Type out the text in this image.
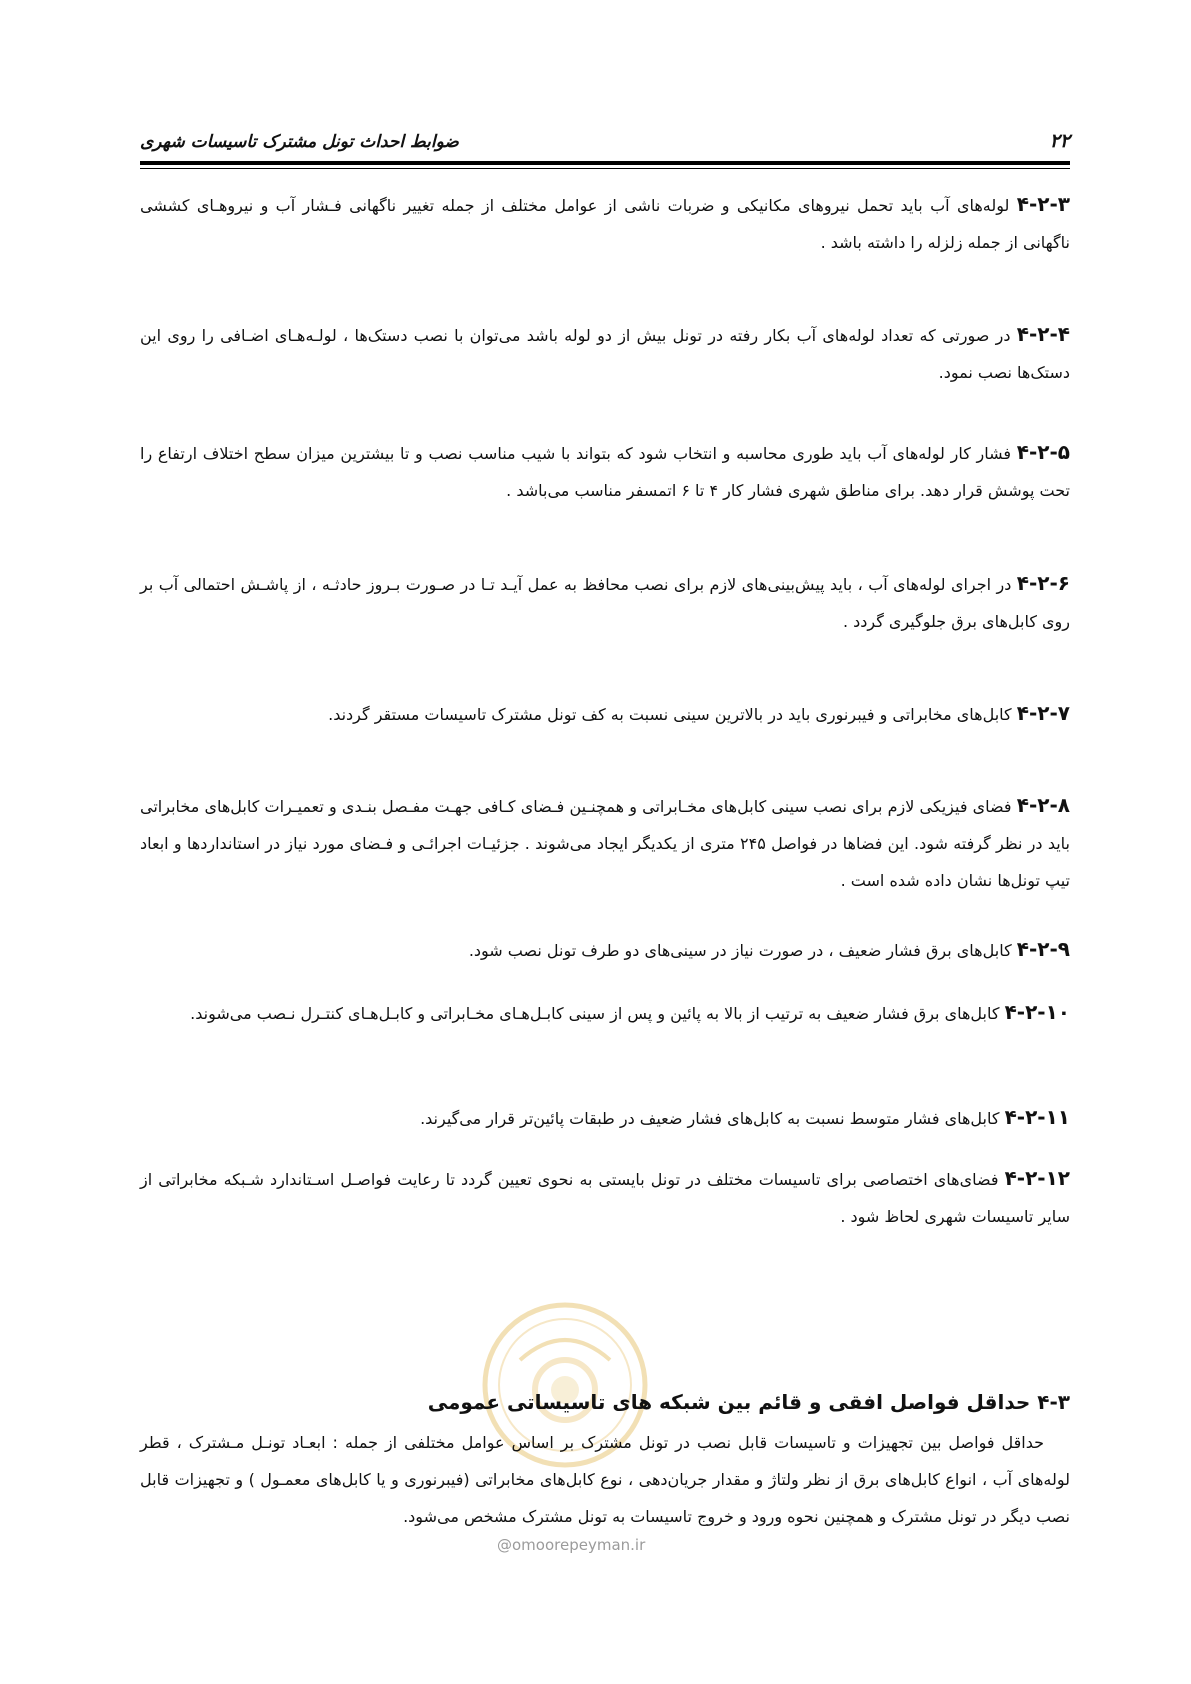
۲۲
ضوابط احداث تونل مشترک تاسیسات شهری
۴-۲-۳ لوله‌های آب باید تحمل نیروهای مکانیکی و ضربات ناشی از عوامل مختلف از جمله تغییر ناگهانی فـشار آب و نیروهـای کششی ناگهانی از جمله زلزله را داشته باشد .
۴-۲-۴ در صورتی که تعداد لوله‌های آب بکار رفته در تونل بیش از دو لوله باشد می‌توان با نصب دستک‌ها ، لولـه‌هـای اضـافی را روی این دستک‌ها نصب نمود.
۴-۲-۵ فشار کار لوله‌های آب باید طوری محاسبه و انتخاب شود که بتواند با شیب مناسب نصب و تا بیشترین میزان سطح اختلاف ارتفاع را تحت پوشش قرار دهد. برای مناطق شهری فشار کار ۴ تا ۶ اتمسفر مناسب می‌باشد .
۴-۲-۶ در اجرای لوله‌های آب ، باید پیش‌بینی‌های لازم برای نصب محافظ به عمل آیـد تـا در صـورت بـروز حادثـه ، از پاشـش احتمالی آب بر روی کابل‌های برق جلوگیری گردد .
۴-۲-۷ کابل‌های مخابراتی و فیبرنوری باید در بالاترین سینی نسبت به کف تونل مشترک تاسیسات مستقر گردند.
۴-۲-۸ فضای فیزیکی لازم برای نصب سینی کابل‌های مخـابراتی و همچنـین فـضای کـافی جهـت مفـصل بنـدی و تعمیـرات کابل‌های مخابراتی باید در نظر گرفته شود. این فضاها در فواصل ۲۴۵ متری از یکدیگر ایجاد می‌شوند . جزئیـات اجرائـی و فـضای مورد نیاز در استانداردها و ابعاد تیپ تونل‌ها نشان داده شده است .
۴-۲-۹ کابل‌های برق فشار ضعیف ، در صورت نیاز در سینی‌های دو طرف تونل نصب شود.
۴-۲-۱۰ کابل‌های برق فشار ضعیف به ترتیب از بالا به پائین و پس از سینی کابـل‌هـای مخـابراتی و کابـل‌هـای کنتـرل نـصب می‌شوند.
۴-۲-۱۱ کابل‌های فشار متوسط نسبت به کابل‌های فشار ضعیف در طبقات پائین‌تر قرار می‌گیرند.
۴-۲-۱۲ فضای‌های اختصاصی برای تاسیسات مختلف در تونل بایستی به نحوی تعیین گردد تا رعایت فواصـل اسـتاندارد شـبکه مخابراتی از سایر تاسیسات شهری لحاظ شود .
۴-۳ حداقل فواصل افقی و قائم بین شبکه های تاسیساتی عمومی
حداقل فواصل بین تجهیزات و تاسیسات قابل نصب در تونل مشترک بر اساس عوامل مختلفی از جمله : ابعـاد تونـل مـشترک ، قطر لوله‌های آب ، انواع کابل‌های برق از نظر ولتاژ و مقدار جریان‌دهی ، نوع کابل‌های مخابراتی (فیبرنوری و یا کابل‌های معمـول ) و تجهیزات قابل نصب دیگر در تونل مشترک و همچنین نحوه ورود و خروج تاسیسات به تونل مشترک مشخص می‌شود.
@omoorepeyman.ir
